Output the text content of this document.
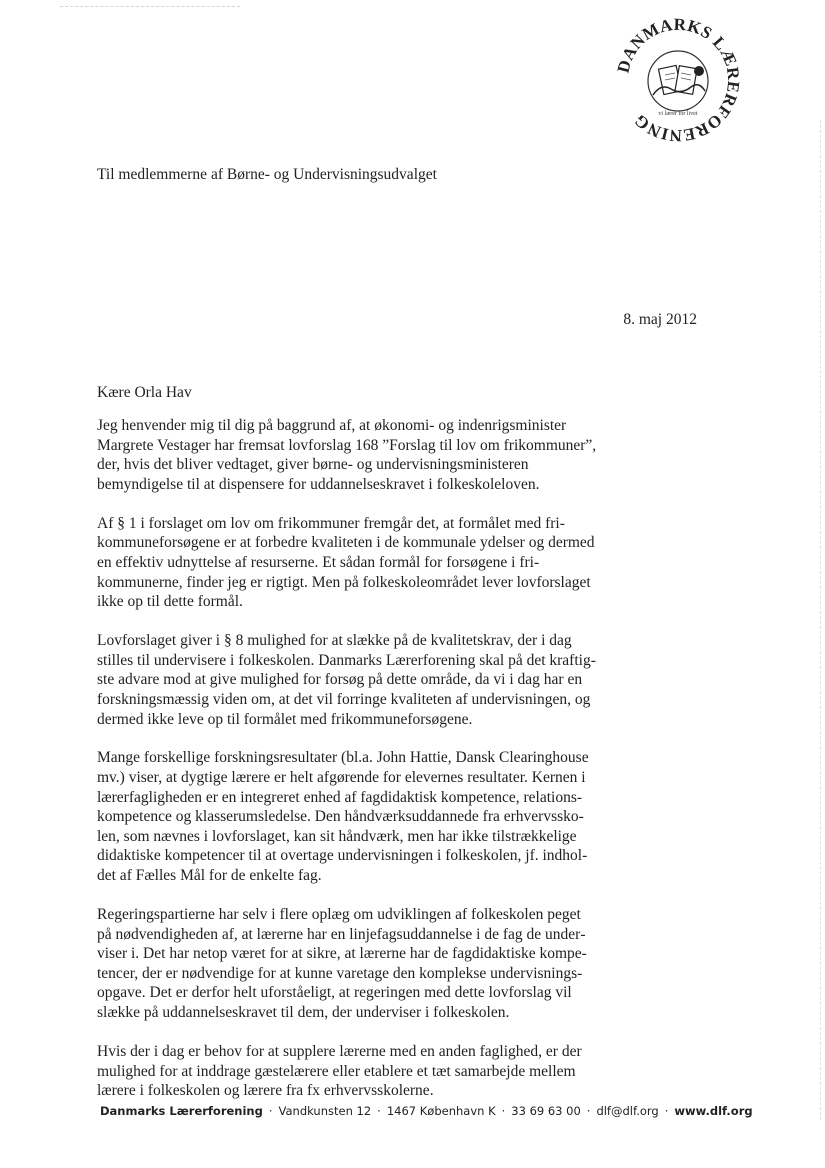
DANMARKS LÆRERFORENING vi lærer for livet
Til medlemmerne af Børne- og Undervisningsudvalget
8. maj 2012
Kære Orla Hav

Jeg henvender mig til dig på baggrund af, at økonomi- og indenrigsminister Margrete Vestager har fremsat lovforslag 168 ”Forslag til lov om frikommuner”, der, hvis det bliver vedtaget, giver børne- og undervisningsministeren bemyndigelse til at dispensere for uddannelseskravet i folkeskoleloven.

Af § 1 i forslaget om lov om frikommuner fremgår det, at formålet med frikommuneforsøgene er at forbedre kvaliteten i de kommunale ydelser og dermed en effektiv udnyttelse af resurserne. Et sådan formål for forsøgene i frikommunerne, finder jeg er rigtigt. Men på folkeskoleområdet lever lovforslaget ikke op til dette formål.

Lovforslaget giver i § 8 mulighed for at slække på de kvalitetskrav, der i dag stilles til undervisere i folkeskolen. Danmarks Lærerforening skal på det kraftigste advare mod at give mulighed for forsøg på dette område, da vi i dag har en forskningsmæssig viden om, at det vil forringe kvaliteten af undervisningen, og dermed ikke leve op til formålet med frikommuneforsøgene.

Mange forskellige forskningsresultater (bl.a. John Hattie, Dansk Clearinghouse mv.) viser, at dygtige lærere er helt afgørende for elevernes resultater. Kernen i lærerfagligheden er en integreret enhed af fagdidaktisk kompetence, relationskompetence og klasserumsledelse. Den håndværksuddannede fra erhvervsskolen, som nævnes i lovforslaget, kan sit håndværk, men har ikke tilstrækkelige didaktiske kompetencer til at overtage undervisningen i folkeskolen, jf. indholdet af Fælles Mål for de enkelte fag.

Regeringspartierne har selv i flere oplæg om udviklingen af folkeskolen peget på nødvendigheden af, at lærerne har en linjefagsuddannelse i de fag de underviser i. Det har netop været for at sikre, at lærerne har de fagdidaktiske kompetencer, der er nødvendige for at kunne varetage den komplekse undervisningsopgave. Det er derfor helt uforståeligt, at regeringen med dette lovforslag vil slække på uddannelseskravet til dem, der underviser i folkeskolen.

Hvis der i dag er behov for at supplere lærerne med en anden faglighed, er der mulighed for at inddrage gæstelærere eller etablere et tæt samarbejde mellem lærere i folkeskolen og lærere fra fx erhvervsskolerne.

Danmarks Lærerforening · Vandkunsten 12 · 1467 København K · 33 69 63 00 · dlf@dlf.org · www.dlf.org
